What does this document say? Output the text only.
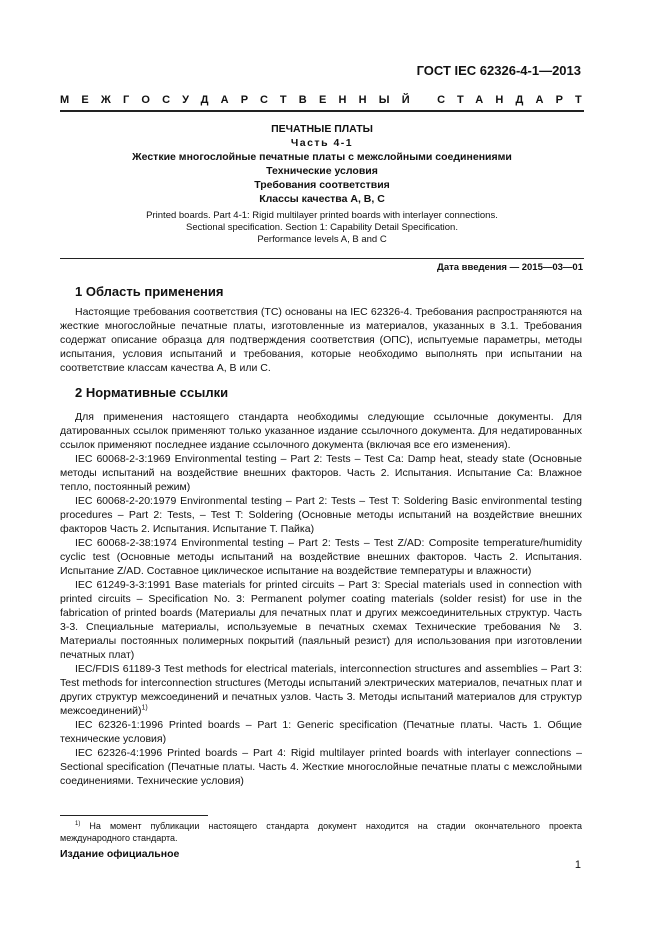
ГОСТ IEC 62326-4-1—2013
МЕЖГОСУДАРСТВЕННЫЙ СТАНДАРТ
ПЕЧАТНЫЕ ПЛАТЫ
Часть 4-1
Жесткие многослойные печатные платы с межслойными соединениями
Технические условия
Требования соответствия
Классы качества А, В, С
Printed boards. Part 4-1: Rigid multilayer printed boards with interlayer connections.
Sectional specification. Section 1: Capability Detail Specification.
Performance levels A, B and C
Дата введения — 2015—03—01
1 Область применения

Настоящие требования соответствия (ТС) основаны на IEC 62326-4. Требования распространяются на жесткие многослойные печатные платы, изготовленные из материалов, указанных в 3.1. Требования содержат описание образца для подтверждения соответствия (ОПС), испытуемые параметры, методы испытания, условия испытаний и требования, которые необходимо выполнять при испытании на соответствие классам качества А, В или С.

2 Нормативные ссылки

Для применения настоящего стандарта необходимы следующие ссылочные документы. Для датированных ссылок применяют только указанное издание ссылочного документа. Для недатированных ссылок применяют последнее издание ссылочного документа (включая все его изменения).

IEC 60068-2-3:1969 Environmental testing – Part 2: Tests – Test Ca: Damp heat, steady state (Основные методы испытаний на воздействие внешних факторов. Часть 2. Испытания. Испытание Ca: Влажное тепло, постоянный режим)

IEC 60068-2-20:1979 Environmental testing – Part 2: Tests – Test T: Soldering Basic environmental testing procedures – Part 2: Tests, – Test T: Soldering (Основные методы испытаний на воздействие внешних факторов Часть 2. Испытания. Испытание Т. Пайка)

IEC 60068-2-38:1974 Environmental testing – Part 2: Tests – Test Z/AD: Composite temperature/humidity cyclic test (Основные методы испытаний на воздействие внешних факторов. Часть 2. Испытания. Испытание Z/AD. Составное циклическое испытание на воздействие температуры и влажности)

IEC 61249-3-3:1991 Base materials for printed circuits – Part 3: Special materials used in connection with printed circuits – Specification No. 3: Permanent polymer coating materials (solder resist) for use in the fabrication of printed boards (Материалы для печатных плат и других межсоединительных структур. Часть 3-3. Специальные материалы, используемые в печатных схемах Технические требования № 3. Материалы постоянных полимерных покрытий (паяльный резист) для использования при изготовлении печатных плат)

IEC/FDIS 61189-3 Test methods for electrical materials, interconnection structures and assemblies – Part 3: Test methods for interconnection structures (Методы испытаний электрических материалов, печатных плат и других структур межсоединений и печатных узлов. Часть 3. Методы испытаний материалов для структур межсоединений)$^{1)}$

IEC 62326-1:1996 Printed boards – Part 1: Generic specification (Печатные платы. Часть 1. Общие технические условия)

IEC 62326-4:1996 Printed boards – Part 4: Rigid multilayer printed boards with interlayer connections – Sectional specification (Печатные платы. Часть 4. Жесткие многослойные печатные платы с межслойными соединениями. Технические условия)

$^{1)}$ На момент публикации настоящего стандарта документ находится на стадии окончательного проекта международного стандарта.
Издание официальное
1
